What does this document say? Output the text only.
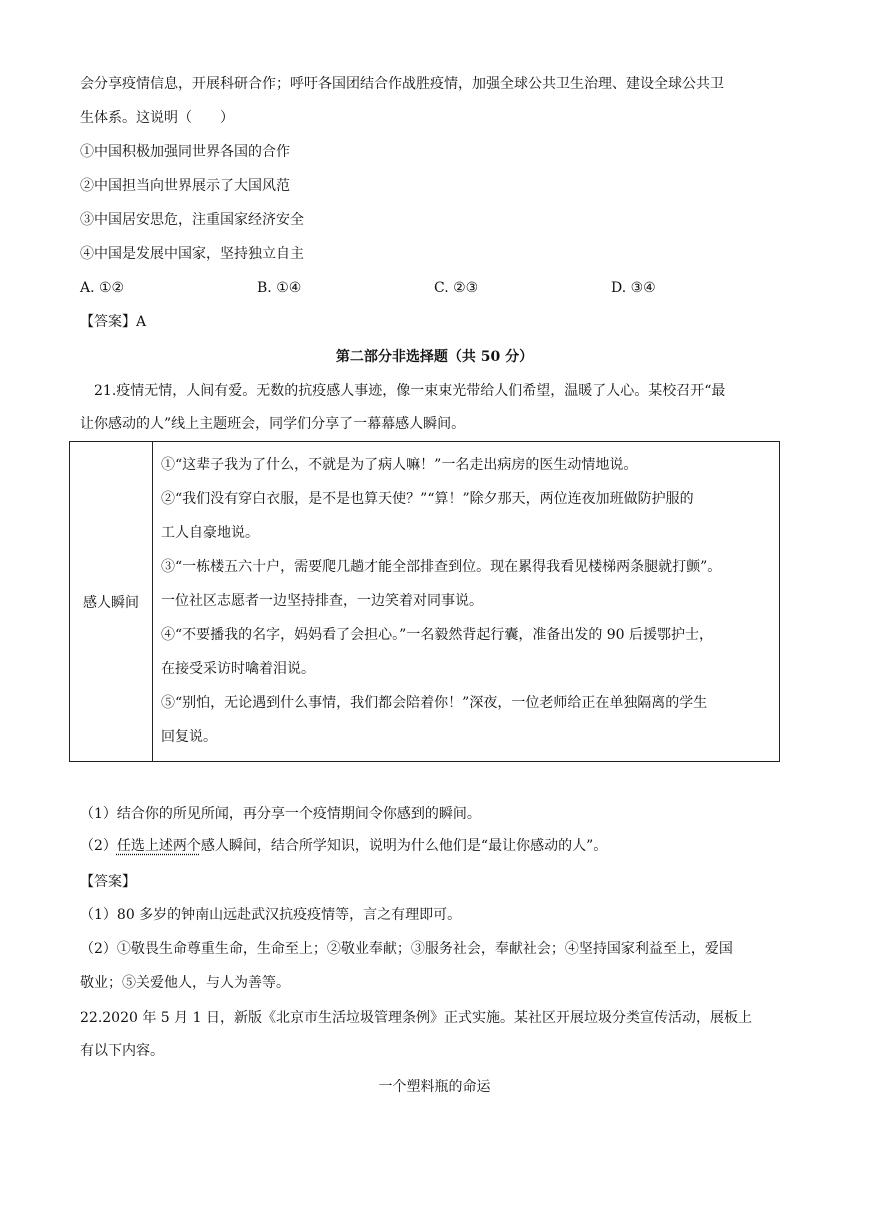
会分享疫情信息，开展科研合作；呼吁各国团结合作战胜疫情，加强全球公共卫生治理、建设全球公共卫
生体系。这说明（　　）
①中国积极加强同世界各国的合作
②中国担当向世界展示了大国风范
③中国居安思危，注重国家经济安全
④中国是发展中国家，坚持独立自主
A. ①②	B. ①④	C. ②③	D. ③④
【答案】A
第二部分非选择题（共 50 分）
21.疫情无情，人间有爱。无数的抗疫感人事迹，像一束束光带给人们希望，温暖了人心。某校召开“最
让你感动的人”线上主题班会，同学们分享了一幕幕感人瞬间。
感人瞬间	

①“这辈子我为了什么，不就是为了病人嘛！”一名走出病房的医生动情地说。

②“我们没有穿白衣服，是不是也算天使？”“算！”除夕那天，两位连夜加班做防护服的

工人自豪地说。

③“一栋楼五六十户，需要爬几趟才能全部排查到位。现在累得我看见楼梯两条腿就打颤”。

一位社区志愿者一边坚持排查，一边笑着对同事说。

④“不要播我的名字，妈妈看了会担心。”一名毅然背起行囊，准备出发的 90 后援鄂护士，

在接受采访时噙着泪说。

⑤“别怕，无论遇到什么事情，我们都会陪着你！”深夜，一位老师给正在单独隔离的学生

回复说。

（1）结合你的所见所闻，再分享一个疫情期间令你感到的瞬间。
（2）任选上述两个感人瞬间，结合所学知识，说明为什么他们是“最让你感动的人”。
【答案】
（1）80 多岁的钟南山远赴武汉抗疫疫情等，言之有理即可。
（2）①敬畏生命尊重生命，生命至上；②敬业奉献；③服务社会，奉献社会；④坚持国家利益至上，爱国
敬业；⑤关爱他人，与人为善等。
22.2020 年 5 月 1 日，新版《北京市生活垃圾管理条例》正式实施。某社区开展垃圾分类宣传活动，展板上
有以下内容。
一个塑料瓶的命运
